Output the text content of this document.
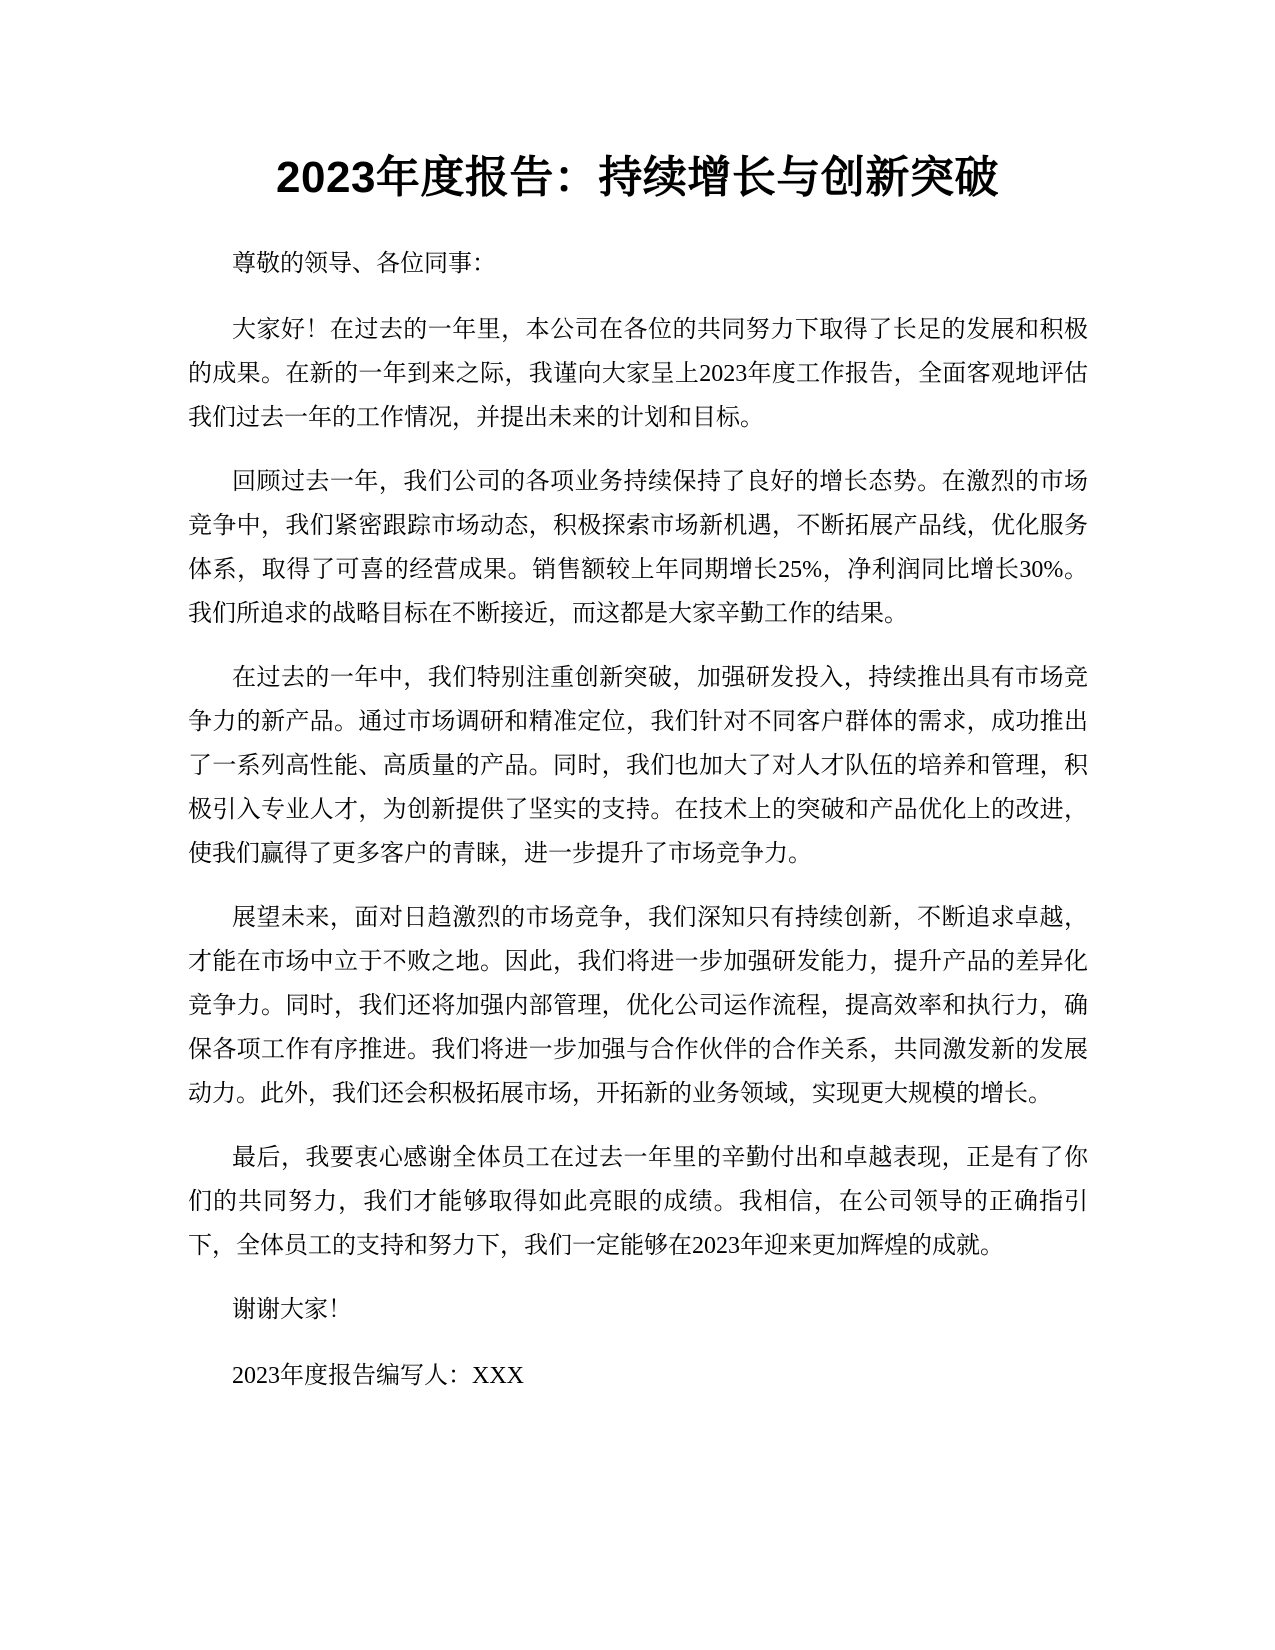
2023年度报告：持续增长与创新突破

尊敬的领导、各位同事：

大家好！在过去的一年里，本公司在各位的共同努力下取得了长足的发展和积极的成果。在新的一年到来之际，我谨向大家呈上2023年度工作报告，全面客观地评估我们过去一年的工作情况，并提出未来的计划和目标。

回顾过去一年，我们公司的各项业务持续保持了良好的增长态势。在激烈的市场竞争中，我们紧密跟踪市场动态，积极探索市场新机遇，不断拓展产品线，优化服务体系，取得了可喜的经营成果。销售额较上年同期增长25%，净利润同比增长30%。我们所追求的战略目标在不断接近，而这都是大家辛勤工作的结果。

在过去的一年中，我们特别注重创新突破，加强研发投入，持续推出具有市场竞争力的新产品。通过市场调研和精准定位，我们针对不同客户群体的需求，成功推出了一系列高性能、高质量的产品。同时，我们也加大了对人才队伍的培养和管理，积极引入专业人才，为创新提供了坚实的支持。在技术上的突破和产品优化上的改进，使我们赢得了更多客户的青睐，进一步提升了市场竞争力。

展望未来，面对日趋激烈的市场竞争，我们深知只有持续创新，不断追求卓越，才能在市场中立于不败之地。因此，我们将进一步加强研发能力，提升产品的差异化竞争力。同时，我们还将加强内部管理，优化公司运作流程，提高效率和执行力，确保各项工作有序推进。我们将进一步加强与合作伙伴的合作关系，共同激发新的发展动力。此外，我们还会积极拓展市场，开拓新的业务领域，实现更大规模的增长。

最后，我要衷心感谢全体员工在过去一年里的辛勤付出和卓越表现，正是有了你们的共同努力，我们才能够取得如此亮眼的成绩。我相信，在公司领导的正确指引下，全体员工的支持和努力下，我们一定能够在2023年迎来更加辉煌的成就。

谢谢大家！

2023年度报告编写人：XXX
